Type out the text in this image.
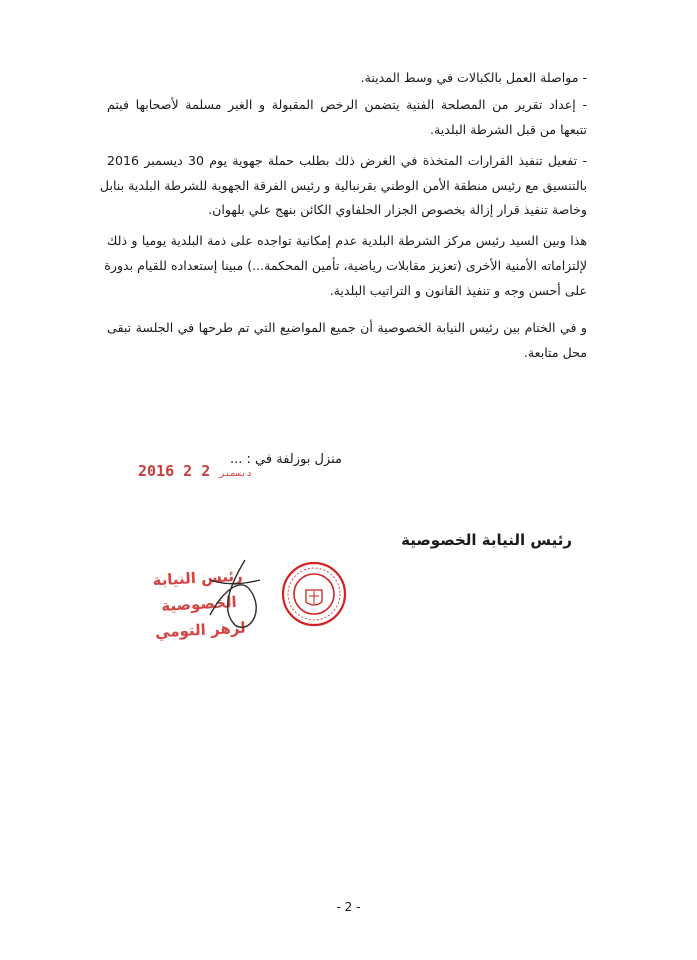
- مواصلة العمل بالكبالات في وسط المدينة.
- إعداد تقرير من المصلحة الفنية يتضمن الرخص المقبولة و الغير مسلمة لأصحابها فيتم
تتبعها من قبل الشرطة البلدية.
- تفعيل تنفيذ القرارات المتخذة في الغرض ذلك بطلب حملة جهوية يوم 30 ديسمبر 2016
بالتنسيق مع رئيس منطقة الأمن الوطني بقرنبالية و رئيس الفرقة الجهوية للشرطة البلدية بنابل
وخاصة تنفيذ قرار إزالة بخصوص الجزار الحلفاوي الكائن بنهج علي بلهوان.
هذا وبين السيد رئيس مركز الشرطة البلدية عدم إمكانية تواجده على ذمة البلدية يوميا و ذلك
لإلتزاماته الأمنية الأخرى (تعزيز مقابلات رياضية، تأمين المحكمة...) مبينا إستعداده للقيام بدورة
على أحسن وجه و تنفيذ القانون و التراتيب البلدية.
و في الختام بين رئيس النيابة الخصوصية أن جميع المواضيع التي تم طرحها في الجلسة تبقى
محل متابعة.
منزل بوزلفة في : ...
2016	ديسمبر 2 2
رئيس النيابة الخصوصية
رئيس النيابة الخصوصية
لزهر التومي
- 2 -
